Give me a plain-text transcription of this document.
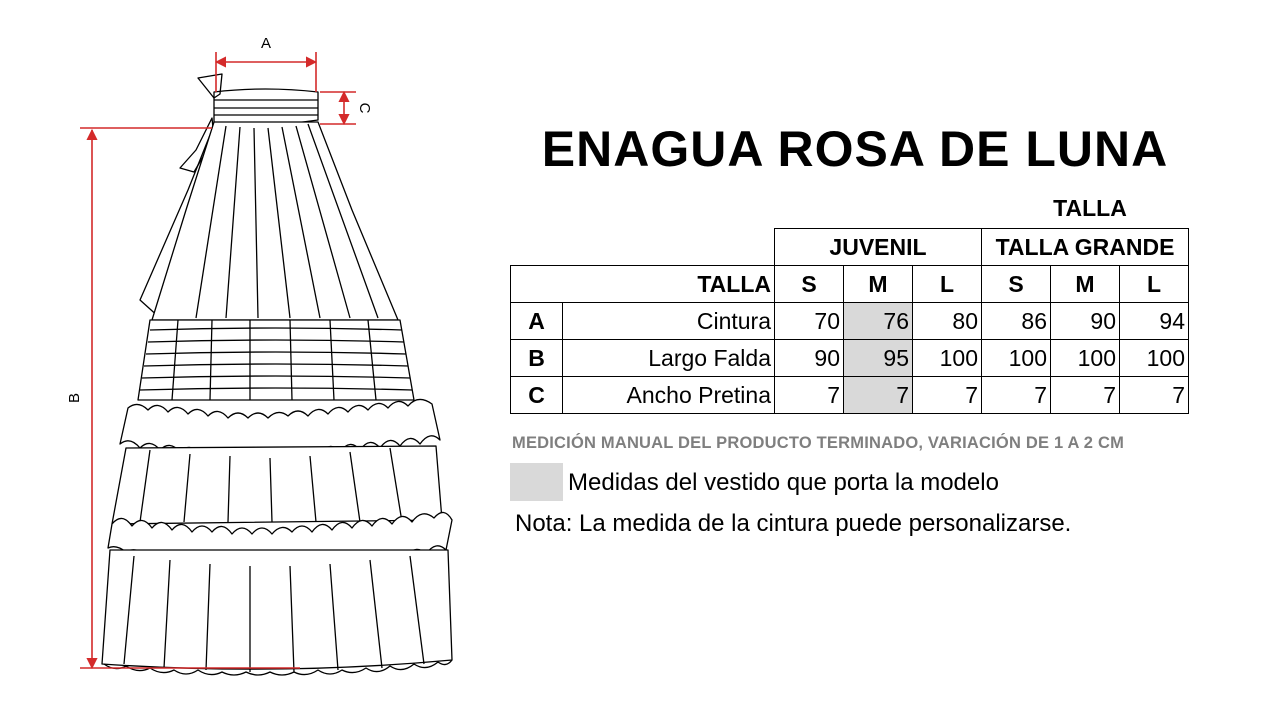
A
C
B
ENAGUA ROSA DE LUNA
TALLA
		JUVENIL			TALLA GRANDE		
TALLA		S	M	L	S	M	L
A	Cintura	70	76	80	86	90	94
B	Largo Falda	90	95	100	100	100	100
C	Ancho Pretina	7	7	7	7	7	7
MEDICIÓN MANUAL DEL PRODUCTO TERMINADO, VARIACIÓN DE 1 A 2 CM
Medidas del vestido que porta la modelo
Nota: La medida de la cintura puede personalizarse.
